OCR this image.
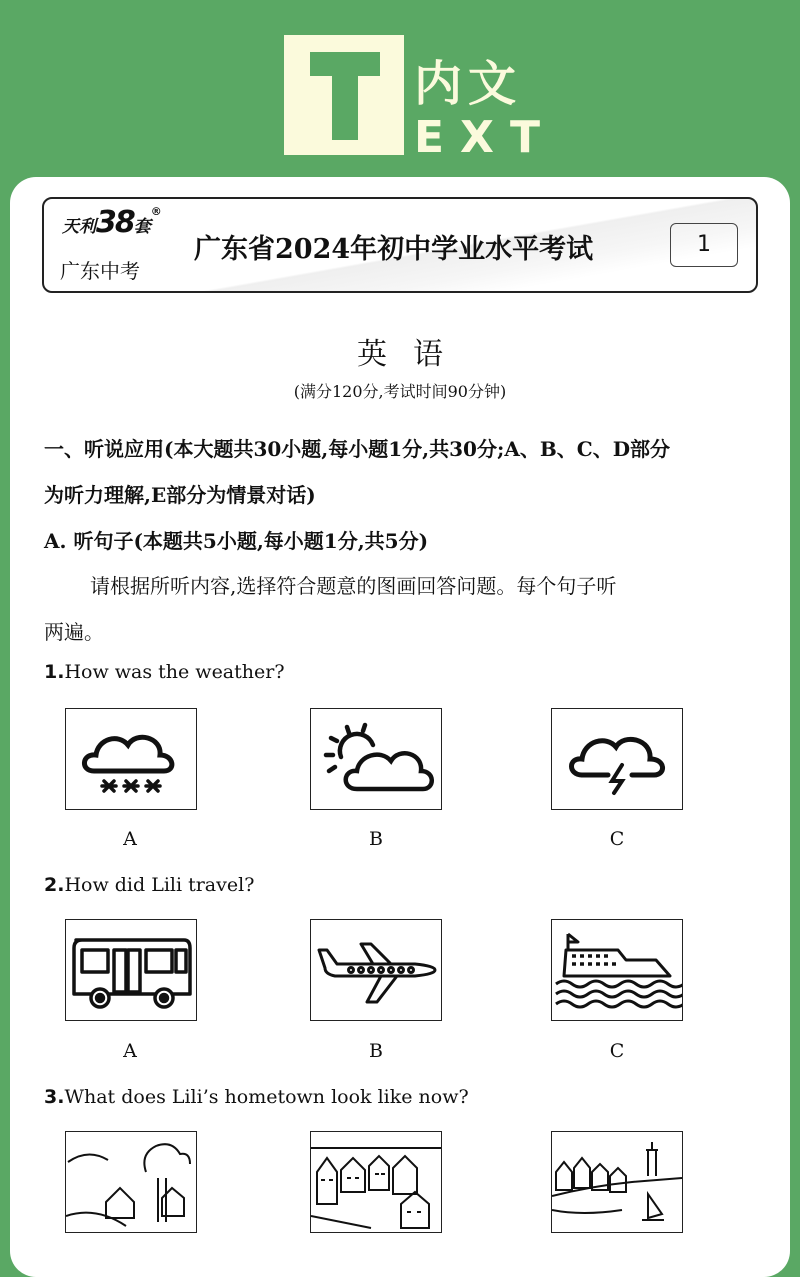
内文
EXT
天利38套®
广东中考
广东省2024年初中学业水平考试	1
英语
(满分120分,考试时间90分钟)
一、听说应用(本大题共30小题,每小题1分,共30分;A、B、C、D部分
为听力理解,E部分为情景对话)
A. 听句子(本题共5小题,每小题1分,共5分)
请根据所听内容,选择符合题意的图画回答问题。每个句子听
两遍。
1.How was the weather?
A	B	C
2.How did Lili travel?
A	B	C
3.What does Lili’s hometown look like now?
